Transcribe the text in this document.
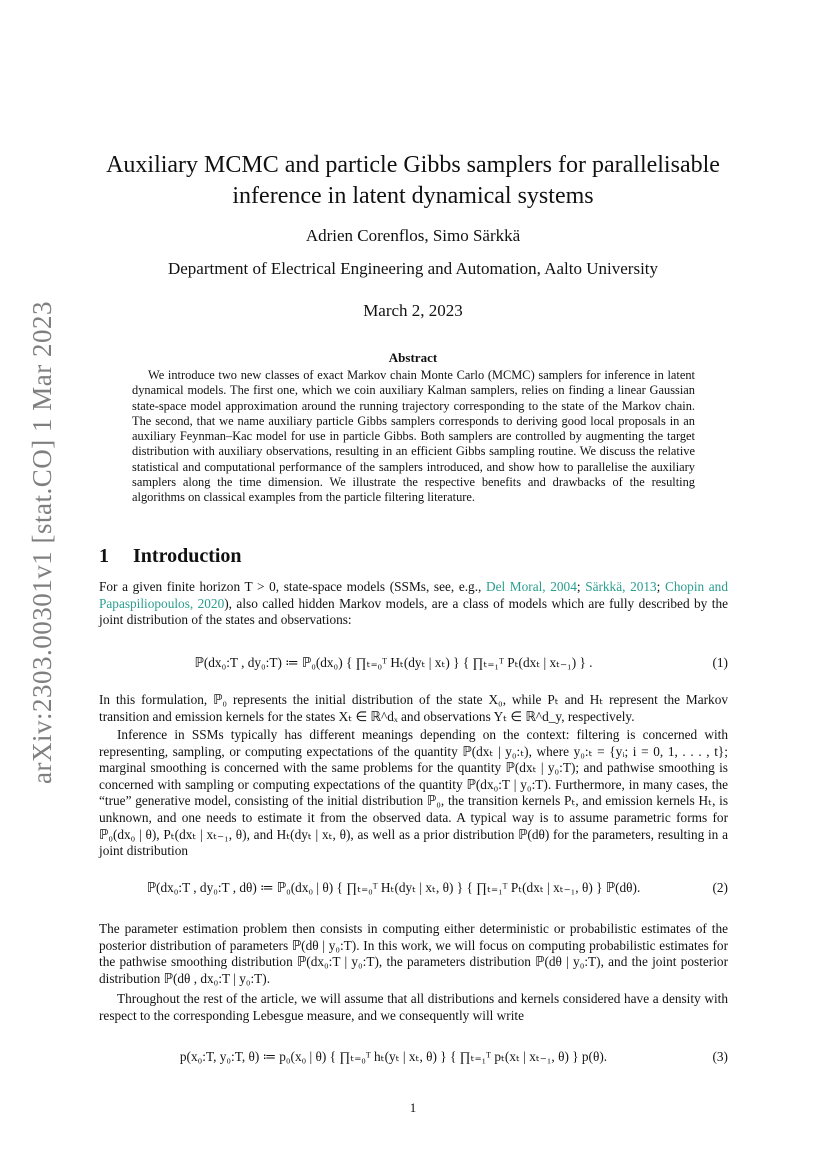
arXiv:2303.00301v1 [stat.CO] 1 Mar 2023
Auxiliary MCMC and particle Gibbs samplers for parallelisable
inference in latent dynamical systems
Adrien Corenflos, Simo Särkkä
Department of Electrical Engineering and Automation, Aalto University
March 2, 2023
Abstract

We introduce two new classes of exact Markov chain Monte Carlo (MCMC) samplers for inference in latent dynamical models. The first one, which we coin auxiliary Kalman samplers, relies on finding a linear Gaussian state-space model approximation around the running trajectory corresponding to the state of the Markov chain. The second, that we name auxiliary particle Gibbs samplers corresponds to deriving good local proposals in an auxiliary Feynman–Kac model for use in particle Gibbs. Both samplers are controlled by augmenting the target distribution with auxiliary observations, resulting in an efficient Gibbs sampling routine. We discuss the relative statistical and computational performance of the samplers introduced, and show how to parallelise the auxiliary samplers along the time dimension. We illustrate the respective benefits and drawbacks of the resulting algorithms on classical examples from the particle filtering literature.

1 Introduction

For a given finite horizon T > 0, state-space models (SSMs, see, e.g., Del Moral, 2004; Särkkä, 2013; Chopin and Papaspiliopoulos, 2020), also called hidden Markov models, are a class of models which are fully described by the joint distribution of the states and observations:

ℙ(dx₀:T , dy₀:T) ≔ ℙ₀(dx₀) { ∏ₜ₌₀ᵀ Hₜ(dyₜ | xₜ) } { ∏ₜ₌₁ᵀ Pₜ(dxₜ | xₜ₋₁) } .	(1)

In this formulation, ℙ₀ represents the initial distribution of the state X₀, while Pₜ and Hₜ represent the Markov transition and emission kernels for the states Xₜ ∈ ℝ^dₓ and observations Yₜ ∈ ℝ^d_y, respectively.

Inference in SSMs typically has different meanings depending on the context: filtering is concerned with representing, sampling, or computing expectations of the quantity ℙ(dxₜ | y₀:ₜ), where y₀:ₜ = {yᵢ; i = 0, 1, . . . , t}; marginal smoothing is concerned with the same problems for the quantity ℙ(dxₜ | y₀:T); and pathwise smoothing is concerned with sampling or computing expectations of the quantity ℙ(dx₀:T | y₀:T). Furthermore, in many cases, the “true” generative model, consisting of the initial distribution ℙ₀, the transition kernels Pₜ, and emission kernels Hₜ, is unknown, and one needs to estimate it from the observed data. A typical way is to assume parametric forms for ℙ₀(dx₀ | θ), Pₜ(dxₜ | xₜ₋₁, θ), and Hₜ(dyₜ | xₜ, θ), as well as a prior distribution ℙ(dθ) for the parameters, resulting in a joint distribution

ℙ(dx₀:T , dy₀:T , dθ) ≔ ℙ₀(dx₀ | θ) { ∏ₜ₌₀ᵀ Hₜ(dyₜ | xₜ, θ) } { ∏ₜ₌₁ᵀ Pₜ(dxₜ | xₜ₋₁, θ) } ℙ(dθ).	(2)

The parameter estimation problem then consists in computing either deterministic or probabilistic estimates of the posterior distribution of parameters ℙ(dθ | y₀:T). In this work, we will focus on computing probabilistic estimates for the pathwise smoothing distribution ℙ(dx₀:T | y₀:T), the parameters distribution ℙ(dθ | y₀:T), and the joint posterior distribution ℙ(dθ , dx₀:T | y₀:T).

Throughout the rest of the article, we will assume that all distributions and kernels considered have a density with respect to the corresponding Lebesgue measure, and we consequently will write

p(x₀:T, y₀:T, θ) ≔ p₀(x₀ | θ) { ∏ₜ₌₀ᵀ hₜ(yₜ | xₜ, θ) } { ∏ₜ₌₁ᵀ pₜ(xₜ | xₜ₋₁, θ) } p(θ).	(3)
1
